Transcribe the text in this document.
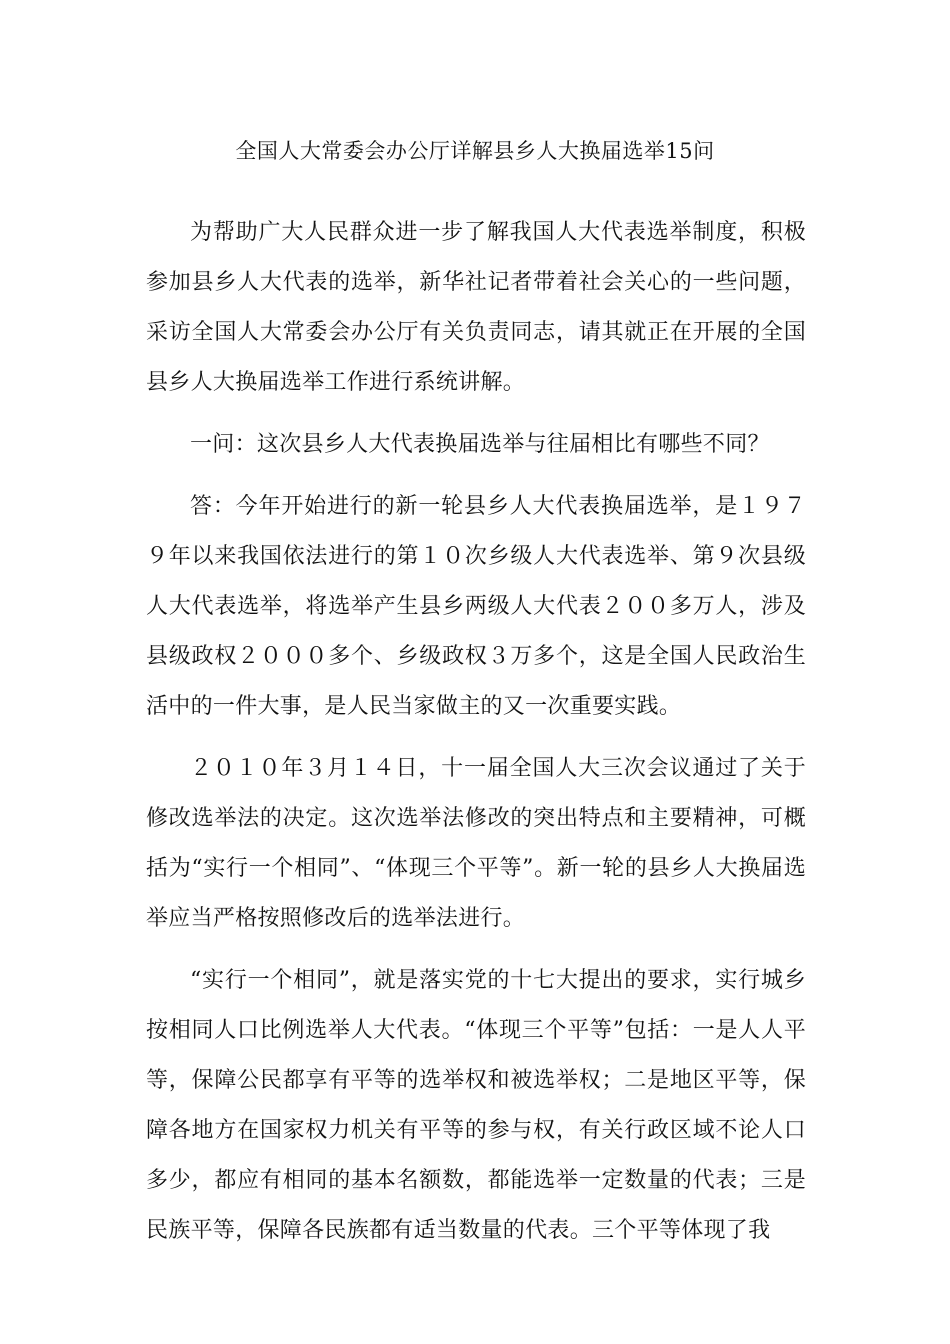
全国人大常委会办公厅详解县乡人大换届选举15问

为帮助广大人民群众进一步了解我国人大代表选举制度，积极参加县乡人大代表的选举，新华社记者带着社会关心的一些问题，采访全国人大常委会办公厅有关负责同志，请其就正在开展的全国县乡人大换届选举工作进行系统讲解。

一问：这次县乡人大代表换届选举与往届相比有哪些不同？

答：今年开始进行的新一轮县乡人大代表换届选举，是１９７９年以来我国依法进行的第１０次乡级人大代表选举、第９次县级人大代表选举，将选举产生县乡两级人大代表２００多万人，涉及县级政权２０００多个、乡级政权３万多个，这是全国人民政治生活中的一件大事，是人民当家做主的又一次重要实践。

２０１０年３月１４日，十一届全国人大三次会议通过了关于修改选举法的决定。这次选举法修改的突出特点和主要精神，可概括为“实行一个相同”、“体现三个平等”。新一轮的县乡人大换届选举应当严格按照修改后的选举法进行。

“实行一个相同”，就是落实党的十七大提出的要求，实行城乡按相同人口比例选举人大代表。“体现三个平等”包括：一是人人平等，保障公民都享有平等的选举权和被选举权；二是地区平等，保障各地方在国家权力机关有平等的参与权，有关行政区域不论人口多少，都应有相同的基本名额数，都能选举一定数量的代表；三是民族平等，保障各民族都有适当数量的代表。三个平等体现了我
